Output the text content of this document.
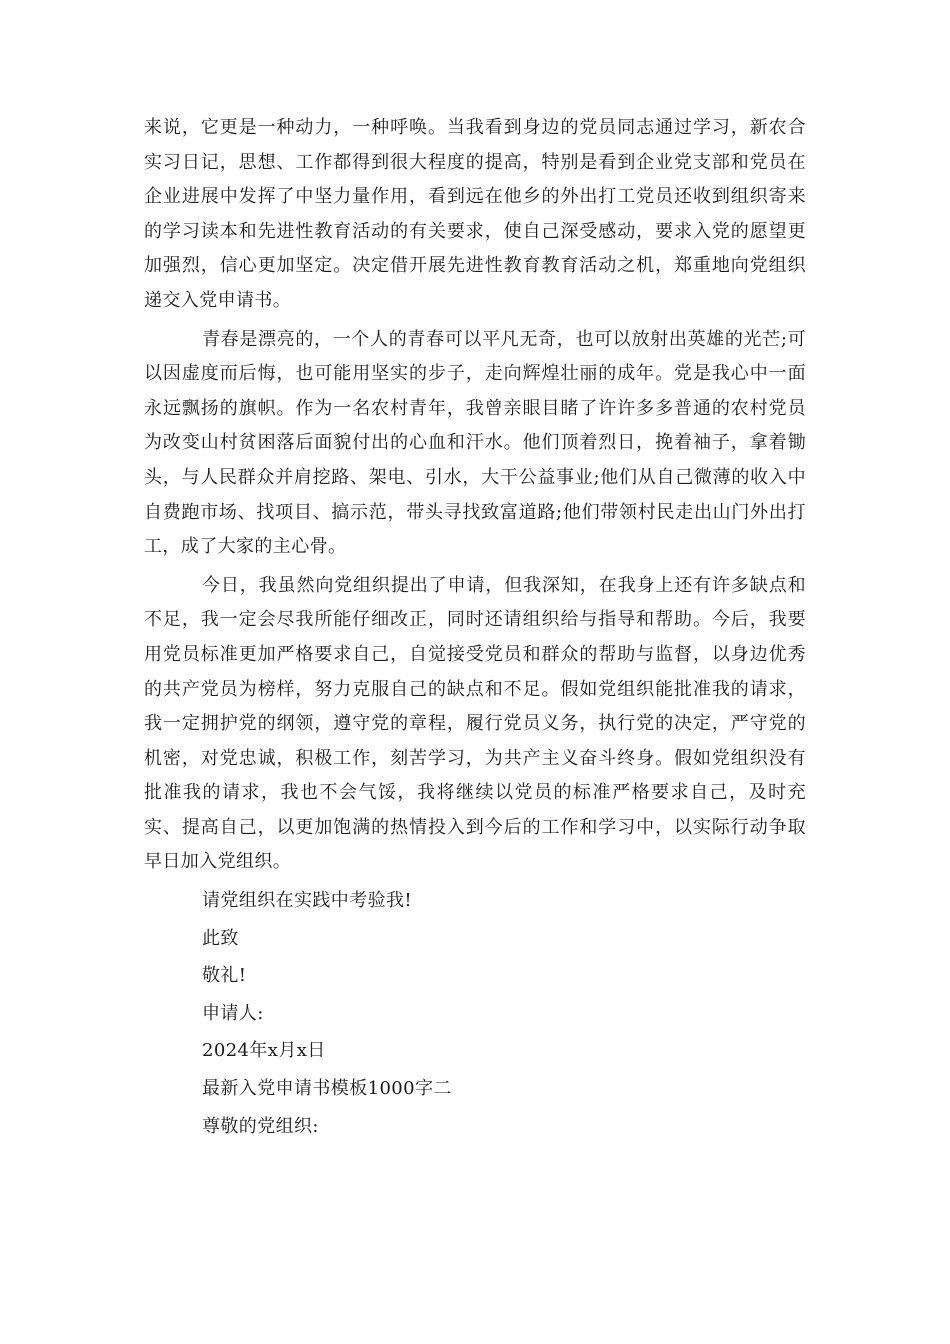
来说，它更是一种动力，一种呼唤。当我看到身边的党员同志通过学习，新农合实习日记，思想、工作都得到很大程度的提高，特别是看到企业党支部和党员在企业进展中发挥了中坚力量作用，看到远在他乡的外出打工党员还收到组织寄来的学习读本和先进性教育活动的有关要求，使自己深受感动，要求入党的愿望更加强烈，信心更加坚定。决定借开展先进性教育教育活动之机，郑重地向党组织递交入党申请书。

青春是漂亮的，一个人的青春可以平凡无奇，也可以放射出英雄的光芒;可以因虚度而后悔，也可能用坚实的步子，走向辉煌壮丽的成年。党是我心中一面永远飘扬的旗帜。作为一名农村青年，我曾亲眼目睹了许许多多普通的农村党员为改变山村贫困落后面貌付出的心血和汗水。他们顶着烈日，挽着袖子，拿着锄头，与人民群众并肩挖路、架电、引水，大干公益事业;他们从自己微薄的收入中自费跑市场、找项目、搞示范，带头寻找致富道路;他们带领村民走出山门外出打工，成了大家的主心骨。

今日，我虽然向党组织提出了申请，但我深知，在我身上还有许多缺点和不足，我一定会尽我所能仔细改正，同时还请组织给与指导和帮助。今后，我要用党员标准更加严格要求自己，自觉接受党员和群众的帮助与监督，以身边优秀的共产党员为榜样，努力克服自己的缺点和不足。假如党组织能批准我的请求，我一定拥护党的纲领，遵守党的章程，履行党员义务，执行党的决定，严守党的机密，对党忠诚，积极工作，刻苦学习，为共产主义奋斗终身。假如党组织没有批准我的请求，我也不会气馁，我将继续以党员的标准严格要求自己，及时充实、提高自己，以更加饱满的热情投入到今后的工作和学习中，以实际行动争取早日加入党组织。

请党组织在实践中考验我!

此致

敬礼!

申请人:

2024年x月x日

最新入党申请书模板1000字二

尊敬的党组织:
